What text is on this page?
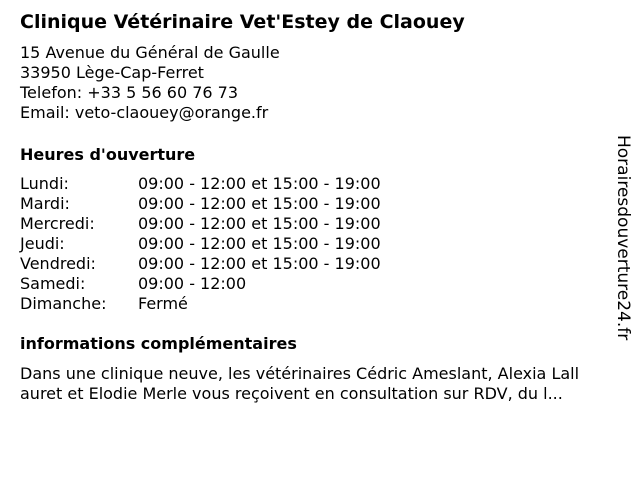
Clinique Vétérinaire Vet'Estey de Claouey
15 Avenue du Général de Gaulle
33950 Lège-Cap-Ferret
Telefon: +33 5 56 60 76 73
Email: veto-claouey@orange.fr
Heures d'ouverture
Lundi:	09:00 - 12:00 et 15:00 - 19:00
Mardi:	09:00 - 12:00 et 15:00 - 19:00
Mercredi:	09:00 - 12:00 et 15:00 - 19:00
Jeudi:	09:00 - 12:00 et 15:00 - 19:00
Vendredi:	09:00 - 12:00 et 15:00 - 19:00
Samedi:	09:00 - 12:00
Dimanche: Fermé
informations complémentaires
Dans une clinique neuve, les vétérinaires Cédric Ameslant, Alexia Lall
auret et Elodie Merle vous reçoivent en consultation sur RDV, du l...
Horairesdouverture24.fr
